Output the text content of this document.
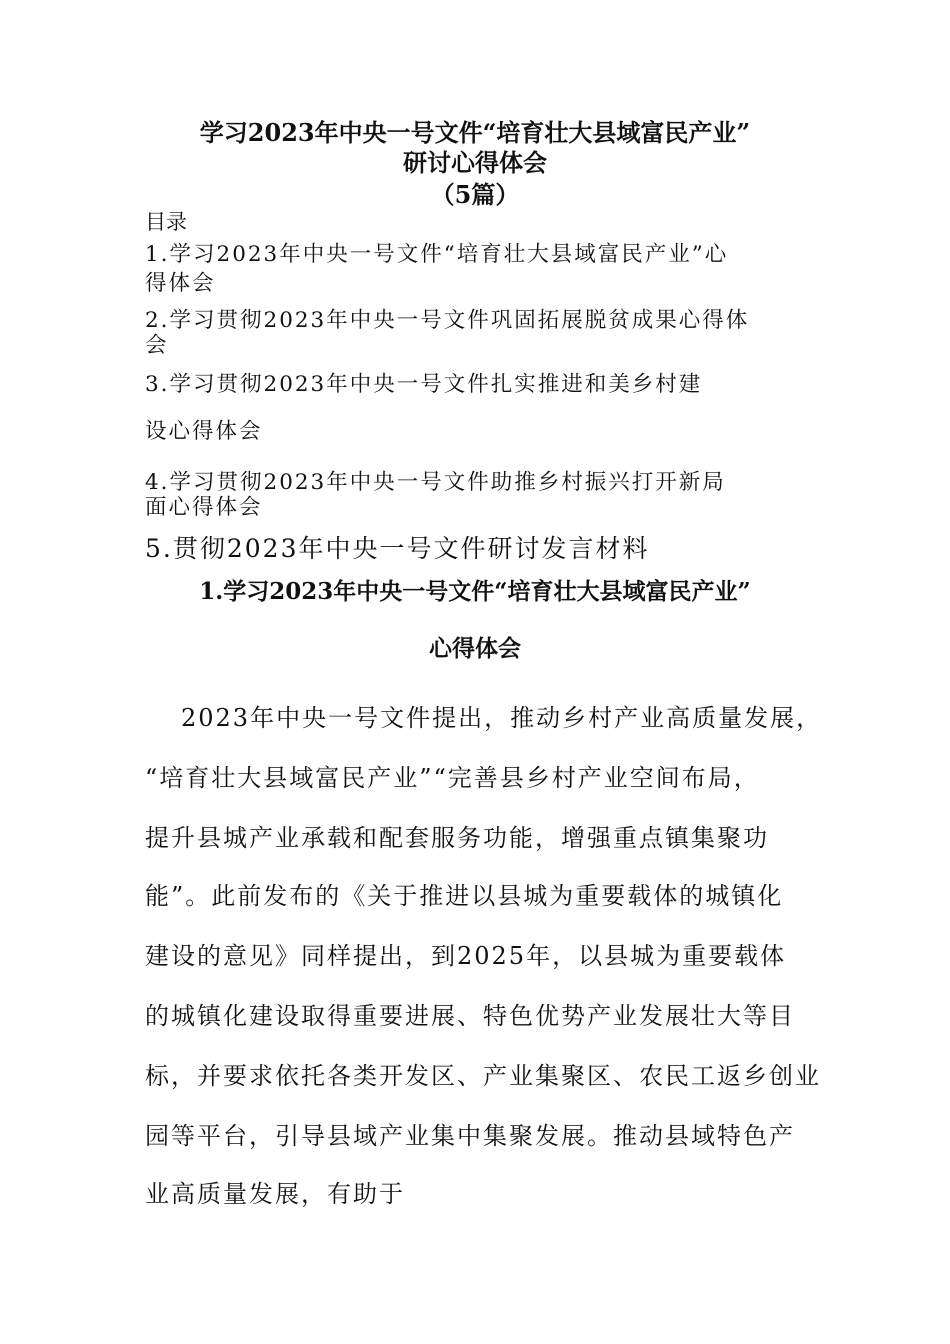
学习2023年中央一号文件“培育壮大县域富民产业”
研讨心得体会
（5篇）
目录
1.学习2023年中央一号文件“培育壮大县域富民产业”心
得体会
2.学习贯彻2023年中央一号文件巩固拓展脱贫成果心得体
会
3.学习贯彻2023年中央一号文件扎实推进和美乡村建
设心得体会
4.学习贯彻2023年中央一号文件助推乡村振兴打开新局
面心得体会
5.贯彻2023年中央一号文件研讨发言材料
1.学习2023年中央一号文件“培育壮大县域富民产业”
心得体会
2023年中央一号文件提出，推动乡村产业高质量发展，
“培育壮大县域富民产业”“完善县乡村产业空间布局，
提升县城产业承载和配套服务功能，增强重点镇集聚功
能”。此前发布的《关于推进以县城为重要载体的城镇化
建设的意见》同样提出，到2025年，以县城为重要载体
的城镇化建设取得重要进展、特色优势产业发展壮大等目
标，并要求依托各类开发区、产业集聚区、农民工返乡创业
园等平台，引导县域产业集中集聚发展。推动县域特色产
业高质量发展，有助于
